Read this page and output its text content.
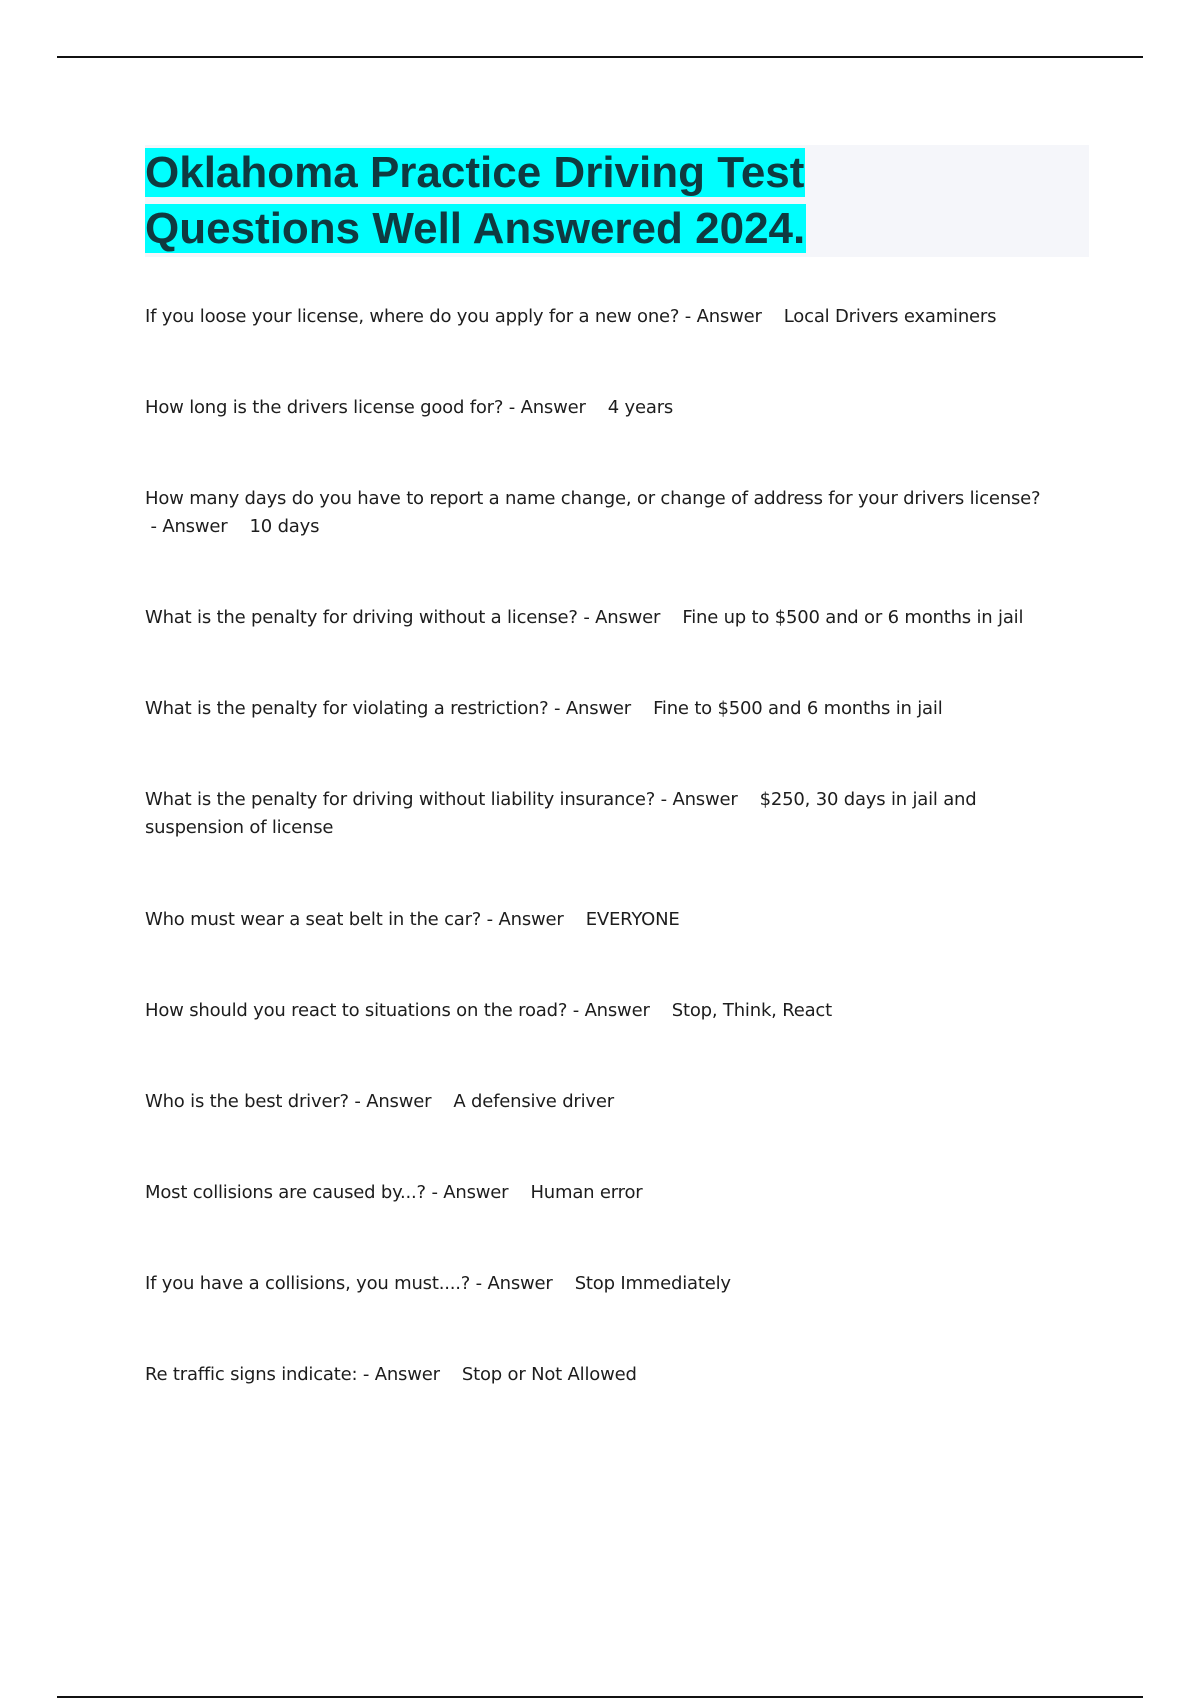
Oklahoma Practice Driving Test
Questions Well Answered 2024.
If you loose your license, where do you apply for a new one? - Answer Local Drivers examiners
How long is the drivers license good for? - Answer 4 years
How many days do you have to report a name change, or change of address for your drivers license? - Answer 10 days
What is the penalty for driving without a license? - Answer Fine up to $500 and or 6 months in jail
What is the penalty for violating a restriction? - Answer Fine to $500 and 6 months in jail
What is the penalty for driving without liability insurance? - Answer $250, 30 days in jail and suspension of license
Who must wear a seat belt in the car? - Answer EVERYONE
How should you react to situations on the road? - Answer Stop, Think, React
Who is the best driver? - Answer A defensive driver
Most collisions are caused by...? - Answer Human error
If you have a collisions, you must....? - Answer Stop Immediately
Re traffic signs indicate: - Answer Stop or Not Allowed
